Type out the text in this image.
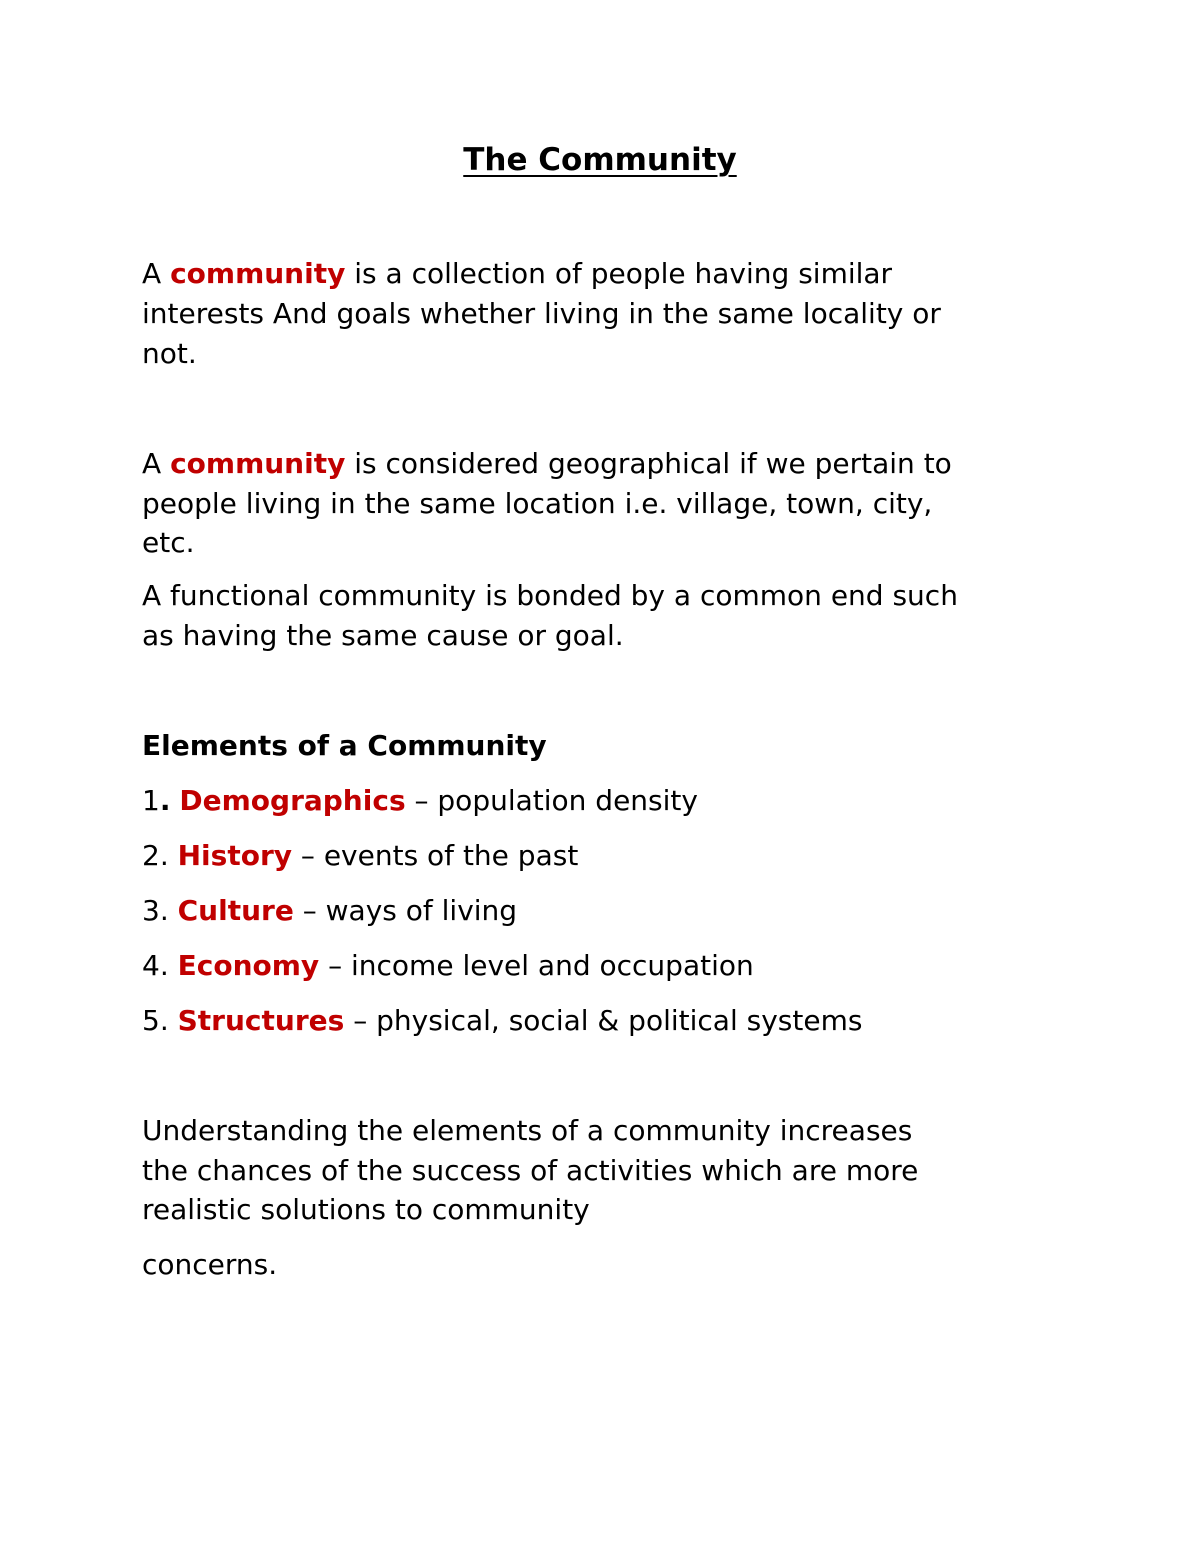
The Community

A community is a collection of people having similar

interests And goals whether living in the same locality or

not.

A community is considered geographical if we pertain to

people living in the same location i.e. village, town, city,

etc.

A functional community is bonded by a common end such

as having the same cause or goal.

Elements of a Community

1. Demographics – population density

2. History – events of the past

3. Culture – ways of living

4. Economy – income level and occupation

5. Structures – physical, social & political systems

Understanding the elements of a community increases

the chances of the success of activities which are more

realistic solutions to community

concerns.
